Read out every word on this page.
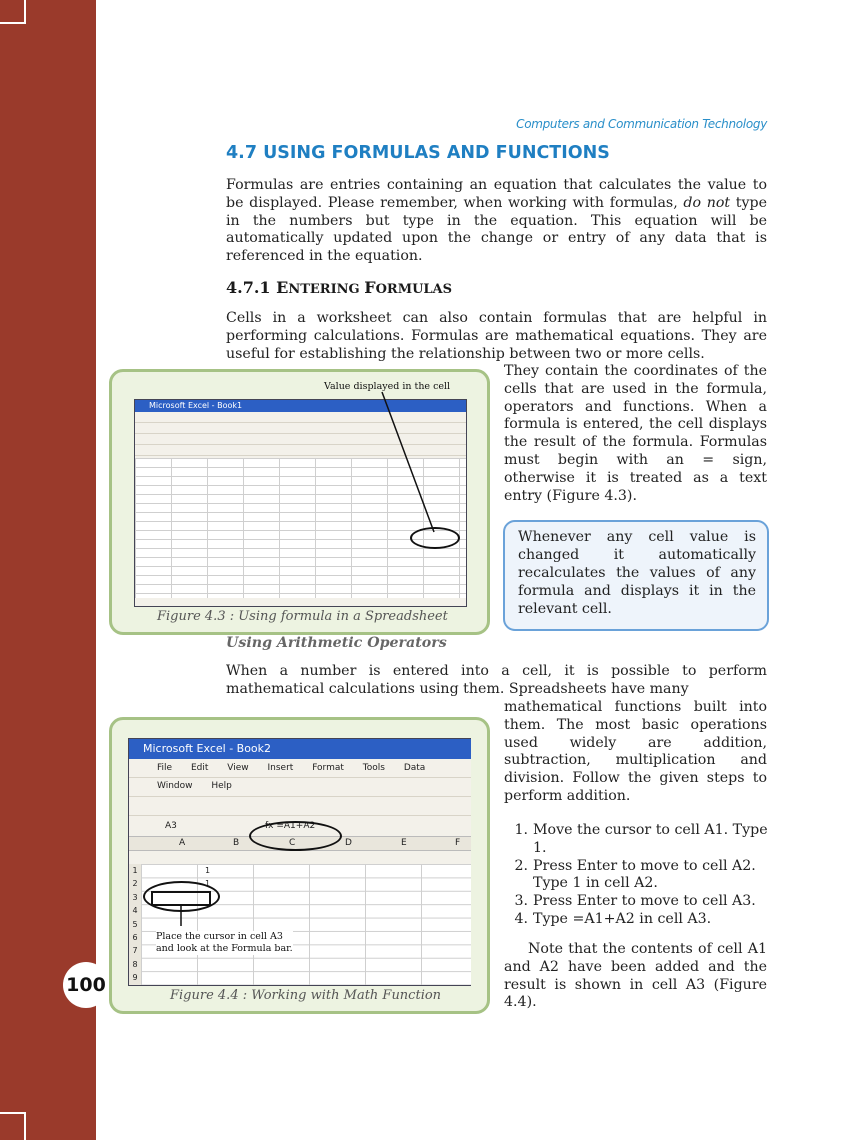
100
Computers and Communication Technology
4.7 USING FORMULAS AND FUNCTIONS

Formulas are entries containing an equation that calculates the value to be displayed. Please remember, when working with formulas, do not type in the numbers but type in the equation. This equation will be automatically updated upon the change or entry of any data that is referenced in the equation.

4.7.1 ENTERING FORMULAS

Cells in a worksheet can also contain formulas that are helpful in performing calculations. Formulas are mathematical equations. They are useful for establishing the relationship between two or more cells.

They contain the coordinates of the cells that are used in the formula, operators and functions. When a formula is entered, the cell displays the result of the formula. Formulas must begin with an = sign, otherwise it is treated as a text entry (Figure 4.3).

Value displayed in the cell
Microsoft Excel - Book1
Figure 4.3 : Using formula in a Spreadsheet

Whenever any cell value is changed it automatically recalculates the values of any formula and displays it in the relevant cell.

Using Arithmetic Operators

When a number is entered into a cell, it is possible to perform mathematical calculations using them. Spreadsheets have many

mathematical functions built into them. The most basic operations used widely are addition, subtraction, multiplication and division. Follow the given steps to perform addition.

Microsoft Excel - Book2
File Edit View Insert Format Tools Data Window Help
A3	fx =A1+A2
A	B	C	D	E	F
1
2
3
4
5
6
7
8
9
1
1
Place the cursor in cell A3
and look at the Formula bar.
Figure 4.4 : Working with Math Function
1. Move the cursor to cell A1. Type 1.
2. Press Enter to move to cell A2. Type 1 in cell A2.
3. Press Enter to move to cell A3.
4. Type =A1+A2 in cell A3.

Note that the contents of cell A1 and A2 have been added and the result is shown in cell A3 (Figure 4.4).
